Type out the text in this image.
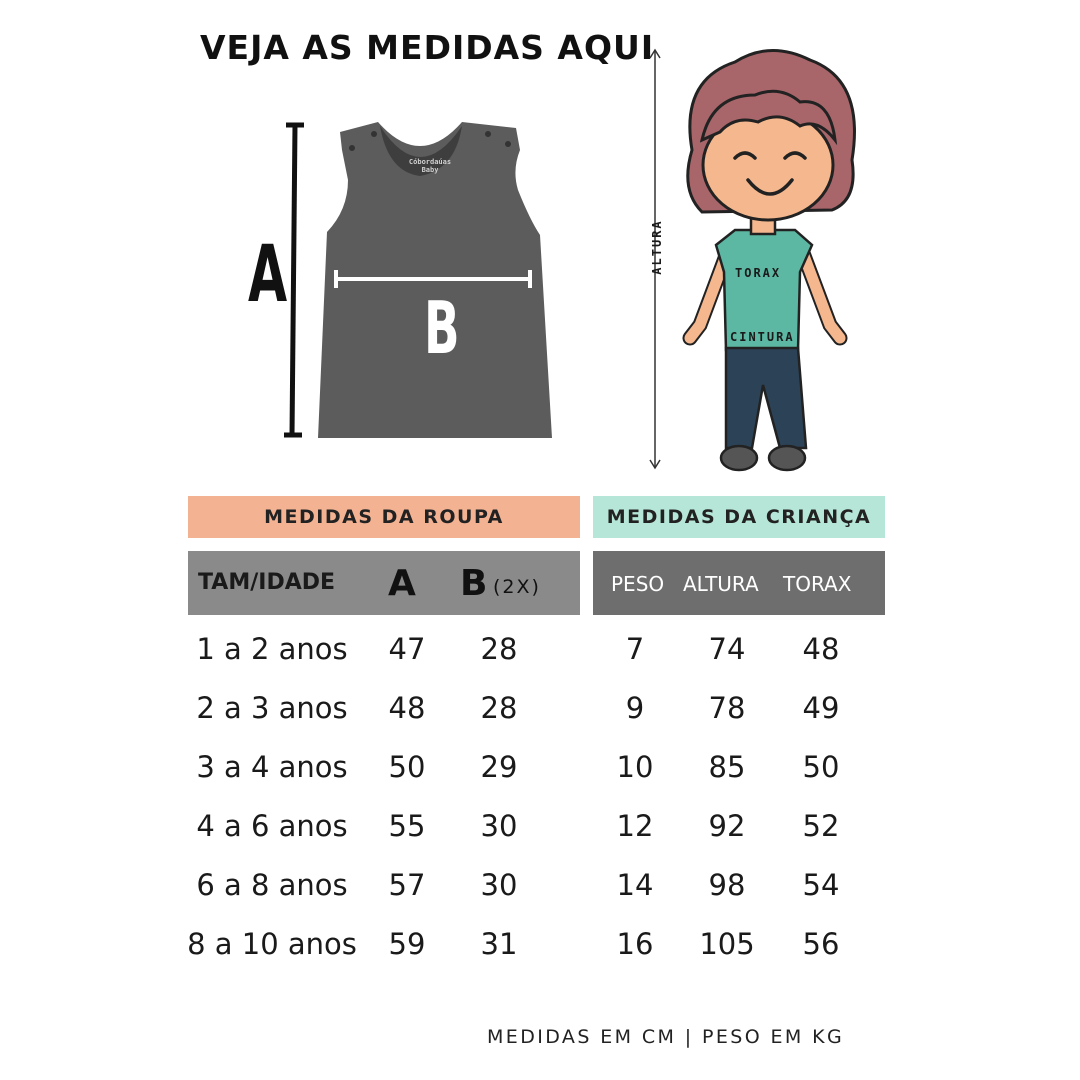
VEJA AS MEDIDAS AQUI
Cóbordaúas
Baby
A
B
ALTURA	TORAX
CINTURA
MEDIDAS DA ROUPA	MEDIDAS DA CRIANÇA
TAM/IDADE A B (2X)	PESO ALTURA TORAX
1 a 2 anos	47	28	7	74	48
2 a 3 anos	48	28	9	78	49
3 a 4 anos	50	29	10	85	50
4 a 6 anos	55	30	12	92	52
6 a 8 anos	57	30	14	98	54
8 a 10 anos	59	31	16	105	56
MEDIDAS EM CM | PESO EM KG
